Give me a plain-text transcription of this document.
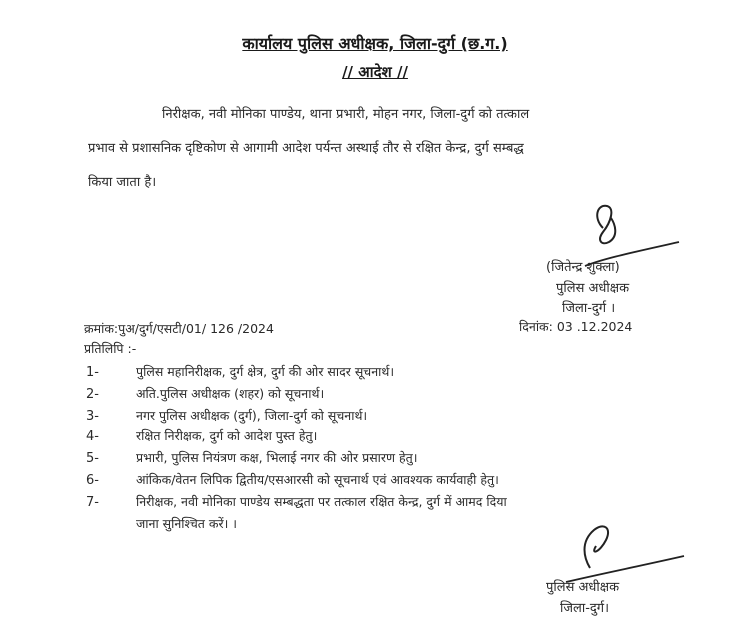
कार्यालय पुलिस अधीक्षक, जिला-दुर्ग (छ.ग.)
// आदेश //
निरीक्षक, नवी मोनिका पाण्डेय, थाना प्रभारी, मोहन नगर, जिला-दुर्ग को तत्काल
प्रभाव से प्रशासनिक दृष्टिकोण से आगामी आदेश पर्यन्त अस्थाई तौर से रक्षित केन्द्र, दुर्ग सम्बद्ध
किया जाता है।
(जितेन्द्र शुक्ला)
पुलिस अधीक्षक
जिला-दुर्ग ।
क्रमांक:पुअ/दुर्ग/एसटी/01/ 126 /2024	दिनांक: 03 .12.2024
प्रतिलिपि :-
1-	पुलिस महानिरीक्षक, दुर्ग क्षेत्र, दुर्ग की ओर सादर सूचनार्थ।
2-	अति.पुलिस अधीक्षक (शहर) को सूचनार्थ।
3-	नगर पुलिस अधीक्षक (दुर्ग), जिला-दुर्ग को सूचनार्थ।
4-	रक्षित निरीक्षक, दुर्ग को आदेश पुस्त हेतु।
5-	प्रभारी, पुलिस नियंत्रण कक्ष, भिलाई नगर की ओर प्रसारण हेतु।
6-	आंकिक/वेतन लिपिक द्वितीय/एसआरसी को सूचनार्थ एवं आवश्यक कार्यवाही हेतु।
7-	निरीक्षक, नवी मोनिका पाण्डेय सम्बद्धता पर तत्काल रक्षित केन्द्र, दुर्ग में आमद दिया
जाना सुनिश्चित करें। ।
पुलिस अधीक्षक
जिला-दुर्ग।
